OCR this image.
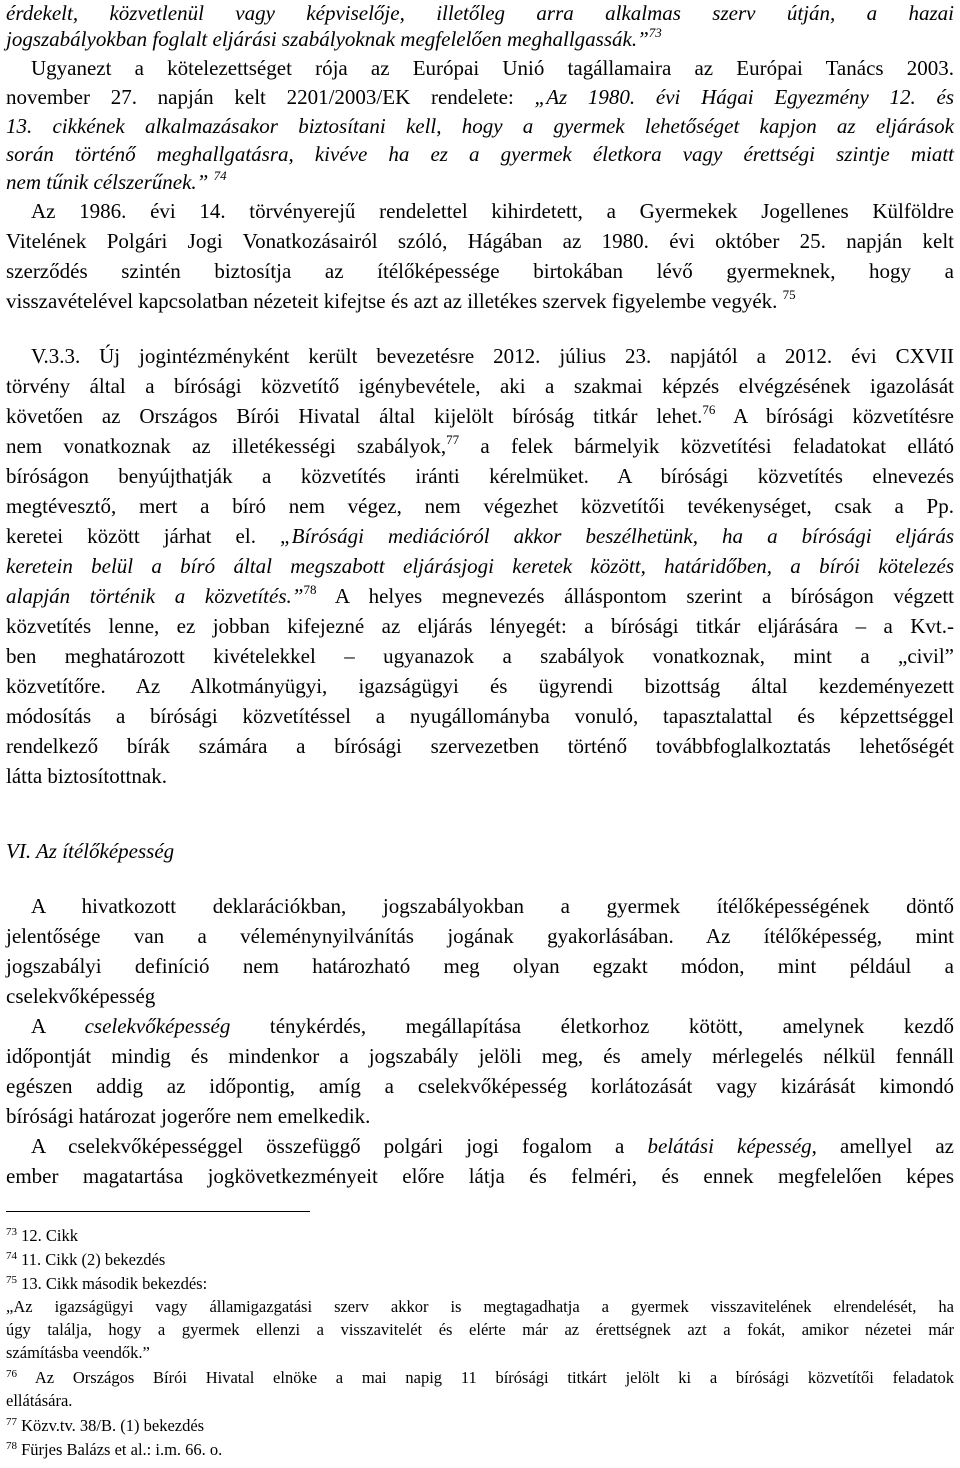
érdekelt, közvetlenül vagy képviselője, illetőleg arra alkalmas szerv útján, a hazai
jogszabályokban foglalt eljárási szabályoknak megfelelően meghallgassák.”$^{73}$
Ugyanezt a kötelezettséget rója az Európai Unió tagállamaira az Európai Tanács 2003.
november 27. napján kelt 2201/2003/EK rendelete: „Az 1980. évi Hágai Egyezmény 12. és
13. cikkének alkalmazásakor biztosítani kell, hogy a gyermek lehetőséget kapjon az eljárások
során történő meghallgatásra, kivéve ha ez a gyermek életkora vagy érettségi szintje miatt
nem tűnik célszerűnek.” $^{74}$
Az 1986. évi 14. törvényerejű rendelettel kihirdetett, a Gyermekek Jogellenes Külföldre
Vitelének Polgári Jogi Vonatkozásairól szóló, Hágában az 1980. évi október 25. napján kelt
szerződés szintén biztosítja az ítélőképessége birtokában lévő gyermeknek, hogy a
visszavételével kapcsolatban nézeteit kifejtse és azt az illetékes szervek figyelembe vegyék. $^{75}$
V.3.3. Új jogintézményként került bevezetésre 2012. július 23. napjától a 2012. évi CXVII
törvény által a bírósági közvetítő igénybevétele, aki a szakmai képzés elvégzésének igazolását
követően az Országos Bírói Hivatal által kijelölt bíróság titkár lehet.$^{76}$ A bírósági közvetítésre
nem vonatkoznak az illetékességi szabályok,$^{77}$ a felek bármelyik közvetítési feladatokat ellátó
bíróságon benyújthatják a közvetítés iránti kérelmüket. A bírósági közvetítés elnevezés
megtévesztő, mert a bíró nem végez, nem végezhet közvetítői tevékenységet, csak a Pp.
keretei között járhat el. „Bírósági mediációról akkor beszélhetünk, ha a bírósági eljárás
keretein belül a bíró által megszabott eljárásjogi keretek között, határidőben, a bírói kötelezés
alapján történik a közvetítés.”$^{78}$ A helyes megnevezés álláspontom szerint a bíróságon végzett
közvetítés lenne, ez jobban kifejezné az eljárás lényegét: a bírósági titkár eljárására – a Kvt.-
ben meghatározott kivételekkel – ugyanazok a szabályok vonatkoznak, mint a „civil”
közvetítőre. Az Alkotmányügyi, igazságügyi és ügyrendi bizottság által kezdeményezett
módosítás a bírósági közvetítéssel a nyugállományba vonuló, tapasztalattal és képzettséggel
rendelkező bírák számára a bírósági szervezetben történő továbbfoglalkoztatás lehetőségét
látta biztosítottnak.
VI. Az ítélőképesség
A hivatkozott deklarációkban, jogszabályokban a gyermek ítélőképességének döntő
jelentősége van a véleménynyilvánítás jogának gyakorlásában. Az ítélőképesség, mint
jogszabályi definíció nem határozható meg olyan egzakt módon, mint például a
cselekvőképesség
A cselekvőképesség ténykérdés, megállapítása életkorhoz kötött, amelynek kezdő
időpontját mindig és mindenkor a jogszabály jelöli meg, és amely mérlegelés nélkül fennáll
egészen addig az időpontig, amíg a cselekvőképesség korlátozását vagy kizárását kimondó
bírósági határozat jogerőre nem emelkedik.
A cselekvőképességgel összefüggő polgári jogi fogalom a belátási képesség, amellyel az
ember magatartása jogkövetkezményeit előre látja és felméri, és ennek megfelelően képes
$^{73}$ 12. Cikk
$^{74}$ 11. Cikk (2) bekezdés
$^{75}$ 13. Cikk második bekezdés:
„Az igazságügyi vagy államigazgatási szerv akkor is megtagadhatja a gyermek visszavitelének elrendelését, ha
úgy találja, hogy a gyermek ellenzi a visszavitelét és elérte már az érettségnek azt a fokát, amikor nézetei már
számításba veendők.”
$^{76}$ Az Országos Bírói Hivatal elnöke a mai napig 11 bírósági titkárt jelölt ki a bírósági közvetítői feladatok
ellátására.
$^{77}$ Közv.tv. 38/B. (1) bekezdés
$^{78}$ Fürjes Balázs et al.: i.m. 66. o.
